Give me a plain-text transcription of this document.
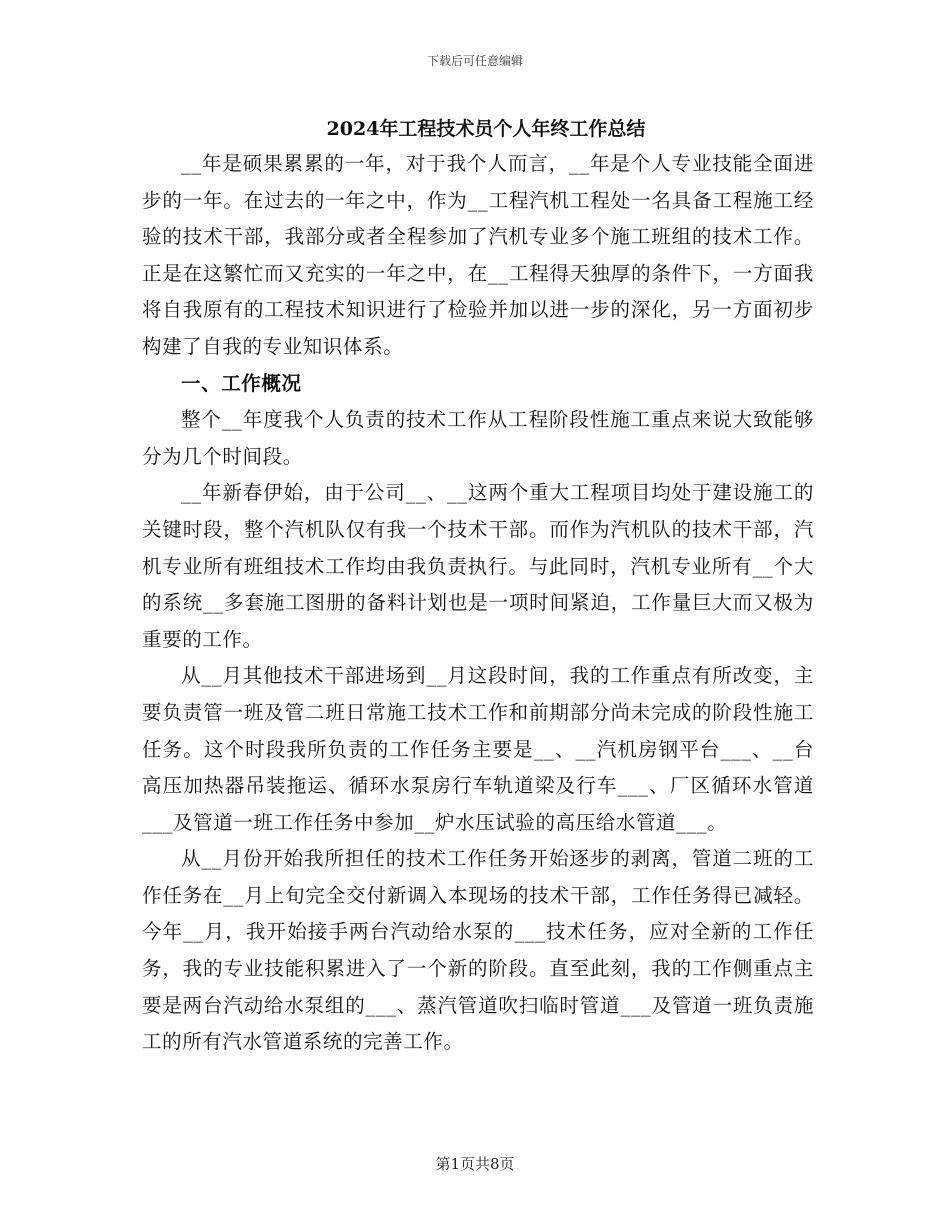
下载后可任意编辑
2024年工程技术员个人年终工作总结

__年是硕果累累的一年，对于我个人而言，__年是个人专业技能全面进步的一年。在过去的一年之中，作为__工程汽机工程处一名具备工程施工经验的技术干部，我部分或者全程参加了汽机专业多个施工班组的技术工作。正是在这繁忙而又充实的一年之中，在__工程得天独厚的条件下，一方面我将自我原有的工程技术知识进行了检验并加以进一步的深化，另一方面初步构建了自我的专业知识体系。

一、工作概况

整个__年度我个人负责的技术工作从工程阶段性施工重点来说大致能够分为几个时间段。

__年新春伊始，由于公司__、__这两个重大工程项目均处于建设施工的关键时段，整个汽机队仅有我一个技术干部。而作为汽机队的技术干部，汽机专业所有班组技术工作均由我负责执行。与此同时，汽机专业所有__个大的系统__多套施工图册的备料计划也是一项时间紧迫，工作量巨大而又极为重要的工作。

从__月其他技术干部进场到__月这段时间，我的工作重点有所改变，主要负责管一班及管二班日常施工技术工作和前期部分尚未完成的阶段性施工任务。这个时段我所负责的工作任务主要是__、__汽机房钢平台___、__台高压加热器吊装拖运、循环水泵房行车轨道梁及行车___、厂区循环水管道___及管道一班工作任务中参加__炉水压试验的高压给水管道___。

从__月份开始我所担任的技术工作任务开始逐步的剥离，管道二班的工作任务在__月上旬完全交付新调入本现场的技术干部，工作任务得已减轻。今年__月，我开始接手两台汽动给水泵的___技术任务，应对全新的工作任务，我的专业技能积累进入了一个新的阶段。直至此刻，我的工作侧重点主要是两台汽动给水泵组的___、蒸汽管道吹扫临时管道___及管道一班负责施工的所有汽水管道系统的完善工作。

第1页共8页
